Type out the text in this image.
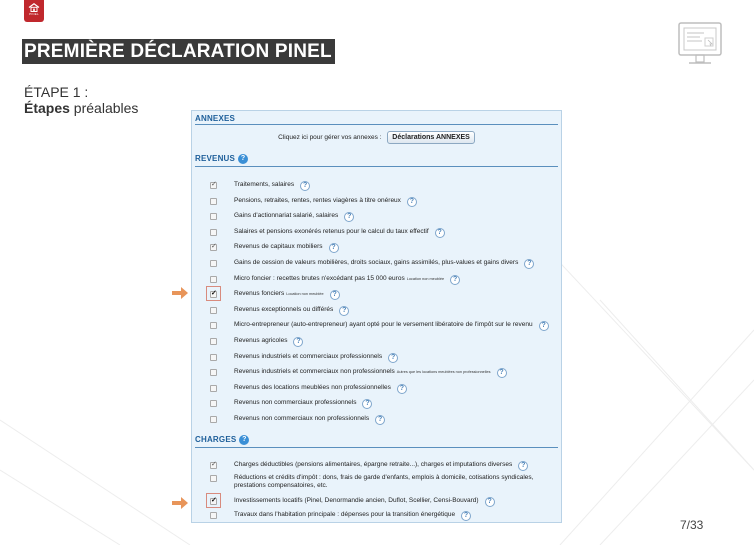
PINEL
PREMIÈRE DÉCLARATION PINEL
ÉTAPE 1 :
Étapes préalables
ANNEXES
Cliquez ici pour gérer vos annexes : Déclarations ANNEXES
REVENUS ?
✓
Traitements, salaires ?
Pensions, retraites, rentes, rentes viagères à titre onéreux ?
Gains d'actionnariat salarié, salaires ?
Salaires et pensions exonérés retenus pour le calcul du taux effectif ?
✓
Revenus de capitaux mobiliers ?
Gains de cession de valeurs mobilières, droits sociaux, gains assimilés, plus-values et gains divers ?
Micro foncier : recettes brutes n'excédant pas 15 000 euros Location non meublée ?
✓
Revenus fonciers Location non meublée ?
Revenus exceptionnels ou différés ?
Micro-entrepreneur (auto-entrepreneur) ayant opté pour le versement libératoire de l'impôt sur le revenu ?
Revenus agricoles ?
Revenus industriels et commerciaux professionnels ?
Revenus industriels et commerciaux non professionnels Autres que les locations meublées non professionnelles ?
Revenus des locations meublées non professionnelles ?
Revenus non commerciaux professionnels ?
Revenus non commerciaux non professionnels ?
CHARGES ?
✓
Charges déductibles (pensions alimentaires, épargne retraite...), charges et imputations diverses ?
Réductions et crédits d'impôt : dons, frais de garde d'enfants, emplois à domicile, cotisations syndicales,
prestations compensatoires, etc.
✓
Investissements locatifs (Pinel, Denormandie ancien, Duflot, Scellier, Censi-Bouvard) ?
Travaux dans l'habitation principale : dépenses pour la transition énergétique ?
7/33
